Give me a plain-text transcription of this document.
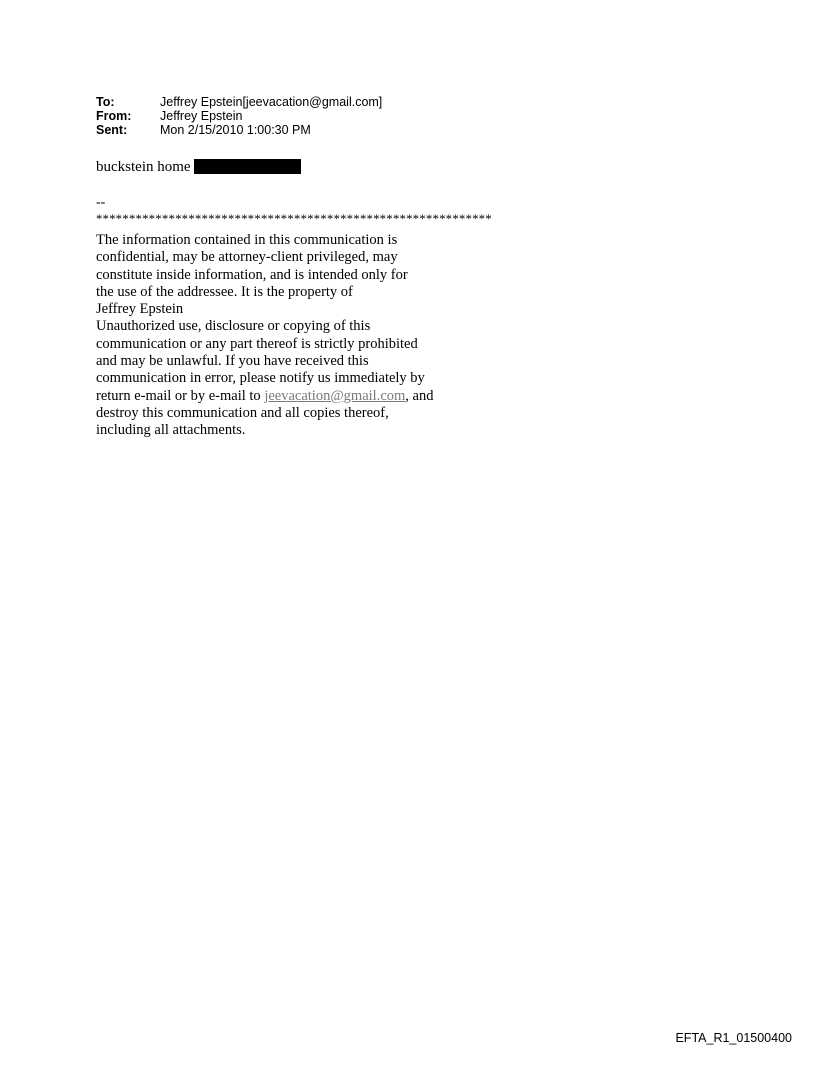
To:	Jeffrey Epstein[jeevacation@gmail.com]
From:	Jeffrey Epstein
Sent:	Mon 2/15/2010 1:00:30 PM
buckstein home
--
************************************************************
The information contained in this communication is
confidential, may be attorney-client privileged, may
constitute inside information, and is intended only for
the use of the addressee. It is the property of
Jeffrey Epstein
Unauthorized use, disclosure or copying of this
communication or any part thereof is strictly prohibited
and may be unlawful. If you have received this
communication in error, please notify us immediately by
return e-mail or by e-mail to jeevacation@gmail.com, and
destroy this communication and all copies thereof,
including all attachments.
EFTA_R1_01500400
